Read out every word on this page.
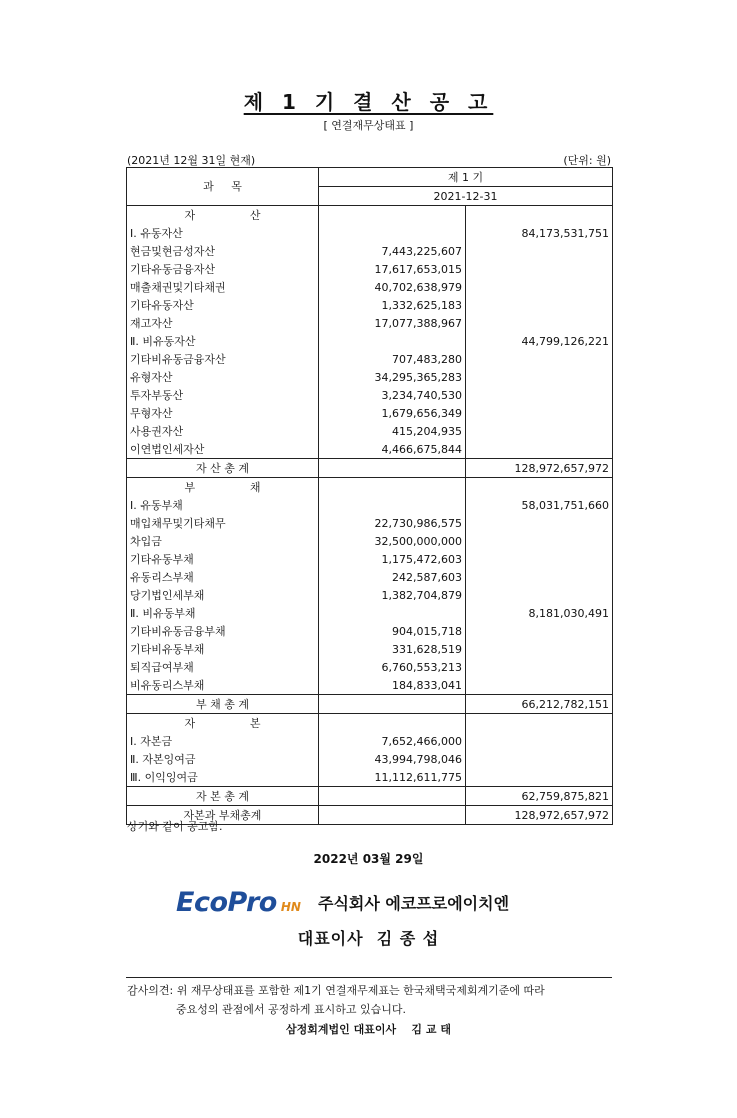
제 1 기 결 산 공 고
[ 연결재무상태표 ]
(2021년 12월 31일 현재)	(단위: 원)
과     목	제 1 기	
	2021-12-31	

자 산		

Ⅰ. 유동자산		84,173,531,751
현금및현금성자산	7,443,225,607	
기타유동금융자산	17,617,653,015	
매출채권및기타채권	40,702,638,979	
기타유동자산	1,332,625,183	
재고자산	17,077,388,967	
Ⅱ. 비유동자산		44,799,126,221
기타비유동금융자산	707,483,280	
유형자산	34,295,365,283	
투자부동산	3,234,740,530	
무형자산	1,679,656,349	
사용권자산	415,204,935	
이연법인세자산	4,466,675,844	
자 산 총 계		128,972,657,972

부 채		

Ⅰ. 유동부채		58,031,751,660
매입채무및기타채무	22,730,986,575	
차입금	32,500,000,000	
기타유동부채	1,175,472,603	
유동리스부채	242,587,603	
당기법인세부채	1,382,704,879	
Ⅱ. 비유동부채		8,181,030,491
기타비유동금융부채	904,015,718	
기타비유동부채	331,628,519	
퇴직급여부채	6,760,553,213	
비유동리스부채	184,833,041	
부 채 총 계		66,212,782,151

자 본		

Ⅰ. 자본금	7,652,466,000	
Ⅱ. 자본잉여금	43,994,798,046	
Ⅲ. 이익잉여금	11,112,611,775	
자 본 총 계		62,759,875,821
자본과 부채총계		128,972,657,972
상기와 같이 공고함.
2022년 03월 29일
EcoPro HN 주식회사 에코프로에이치엔
대표이사  김 종 섭
감사의견: 위 재무상태표를 포함한 제1기 연결재무제표는 한국채택국제회계기준에 따라
중요성의 관점에서 공정하게 표시하고 있습니다.
삼정회계법인 대표이사    김 교 태
